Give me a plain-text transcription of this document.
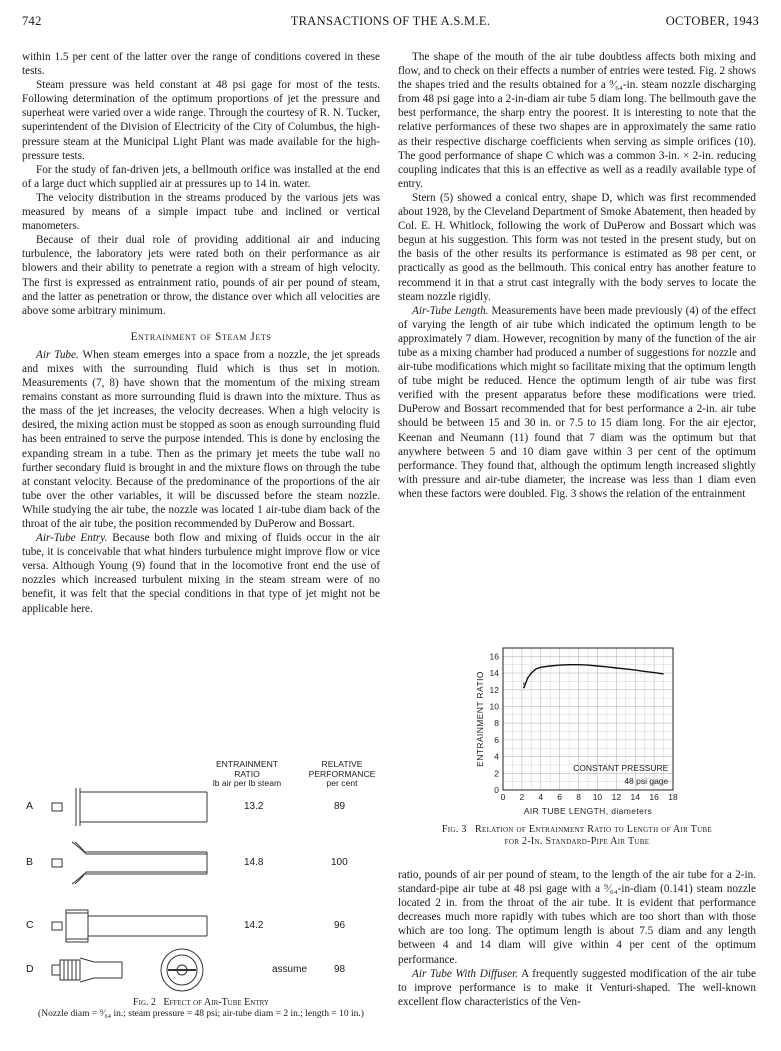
742	TRANSACTIONS OF THE A.S.M.E.	OCTOBER, 1943

within 1.5 per cent of the latter over the range of conditions covered in these tests.

Steam pressure was held constant at 48 psi gage for most of the tests. Following determination of the optimum proportions of jet the pressure and superheat were varied over a wide range. Through the courtesy of R. N. Tucker, superintendent of the Division of Electricity of the City of Columbus, the high-pressure steam at the Municipal Light Plant was made available for the high-pressure tests.

For the study of fan-driven jets, a bellmouth orifice was installed at the end of a large duct which supplied air at pressures up to 14 in. water.

The velocity distribution in the streams produced by the various jets was measured by means of a simple impact tube and inclined or vertical manometers.

Because of their dual role of providing additional air and inducing turbulence, the laboratory jets were rated both on their performance as air blowers and their ability to penetrate a region with a stream of high velocity. The first is expressed as entrainment ratio, pounds of air per pound of steam, and the latter as penetration or throw, the distance over which all velocities are above some arbitrary minimum.

Entrainment of Steam Jets

Air Tube. When steam emerges into a space from a nozzle, the jet spreads and mixes with the surrounding fluid which is thus set in motion. Measurements (7, 8) have shown that the momentum of the mixing stream remains constant as more surrounding fluid is drawn into the mixture. Thus as the mass of the jet increases, the velocity decreases. When a high velocity is desired, the mixing action must be stopped as soon as enough surrounding fluid has been entrained to serve the purpose intended. This is done by enclosing the expanding stream in a tube. Then as the primary jet meets the tube wall no further secondary fluid is brought in and the mixture flows on through the tube at constant velocity. Because of the predominance of the proportions of the air tube over the other variables, it will be discussed before the steam nozzle. While studying the air tube, the nozzle was located 1 air-tube diam back of the throat of the air tube, the position recommended by DuPerow and Bossart.

Air-Tube Entry. Because both flow and mixing of fluids occur in the air tube, it is conceivable that what hinders turbulence might improve flow or vice versa. Although Young (9) found that in the locomotive front end the use of nozzles which increased turbulent mixing in the steam stream were of no benefit, it was felt that the special conditions in that type of jet might not be applicable here.

The shape of the mouth of the air tube doubtless affects both mixing and flow, and to check on their effects a number of entries were tested. Fig. 2 shows the shapes tried and the results obtained for a ⁹⁄₆₄-in. steam nozzle discharging from 48 psi gage into a 2-in-diam air tube 5 diam long. The bellmouth gave the best performance, the sharp entry the poorest. It is interesting to note that the relative performances of these two shapes are in approximately the same ratio as their respective discharge coefficients when serving as simple orifices (10). The good performance of shape C which was a common 3-in. × 2-in. reducing coupling indicates that this is an effective as well as a readily available type of entry.

Stern (5) showed a conical entry, shape D, which was first recommended about 1928, by the Cleveland Department of Smoke Abatement, then headed by Col. E. H. Whitlock, following the work of DuPerow and Bossart which was begun at his suggestion. This form was not tested in the present study, but on the basis of the other results its performance is estimated as 98 per cent, or practically as good as the bellmouth. This conical entry has another feature to recommend it in that a strut cast integrally with the body serves to locate the steam nozzle rigidly.

Air-Tube Length. Measurements have been made previously (4) of the effect of varying the length of air tube which indicated the optimum length to be approximately 7 diam. However, recognition by many of the function of the air tube as a mixing chamber had produced a number of suggestions for nozzle and air-tube modifications which might so facilitate mixing that the optimum length of tube might be reduced. Hence the optimum length of air tube was first verified with the present apparatus before these modifications were tried. DuPerow and Bossart recommended that for best performance a 2-in. air tube should be between 15 and 30 in. or 7.5 to 15 diam long. For the air ejector, Keenan and Neumann (11) found that 7 diam was the optimum but that anywhere between 5 and 10 diam gave within 3 per cent of the optimum performance. They found that, although the optimum length increased slightly with pressure and air-tube diameter, the increase was less than 1 diam even when these factors were doubled. Fig. 3 shows the relation of the entrainment

ratio, pounds of air per pound of steam, to the length of the air tube for a 2-in. standard-pipe air tube at 48 psi gage with a ⁹⁄₆₄-in-diam (0.141) steam nozzle located 2 in. from the throat of the air tube. It is evident that performance decreases much more rapidly with tubes which are too short than with those which are too long. The optimum length is about 7.5 diam and any length between 4 and 14 diam will give within 4 per cent of the optimum performance.

Air Tube With Diffuser. A frequently suggested modification of the air tube to improve performance is to make it Venturi-shaped. The well-known excellent flow characteristics of the Ven-

ENTRAINMENT
RATIO
lb air per lb steam
RELATIVE
PERFORMANCE
per cent
A	13.2	89
B	14.8	100
C	14.2	96
D	assume	98
Fig. 2 Effect of Air-Tube Entry
(Nozzle diam = ⁹⁄₆₄ in.; steam pressure = 48 psi; air-tube diam = 2 in.; length = 10 in.)
0 2 4 6 8 10 12 14 16 18
0
2
4
6
8
10
12
14
16
AIR TUBE LENGTH, diameters
ENTRAINMENT RATIO
CONSTANT PRESSURE
48 psi gage
Fig. 3 Relation of Entrainment Ratio to Length of Air Tube
for 2-In. Standard-Pipe Air Tube
